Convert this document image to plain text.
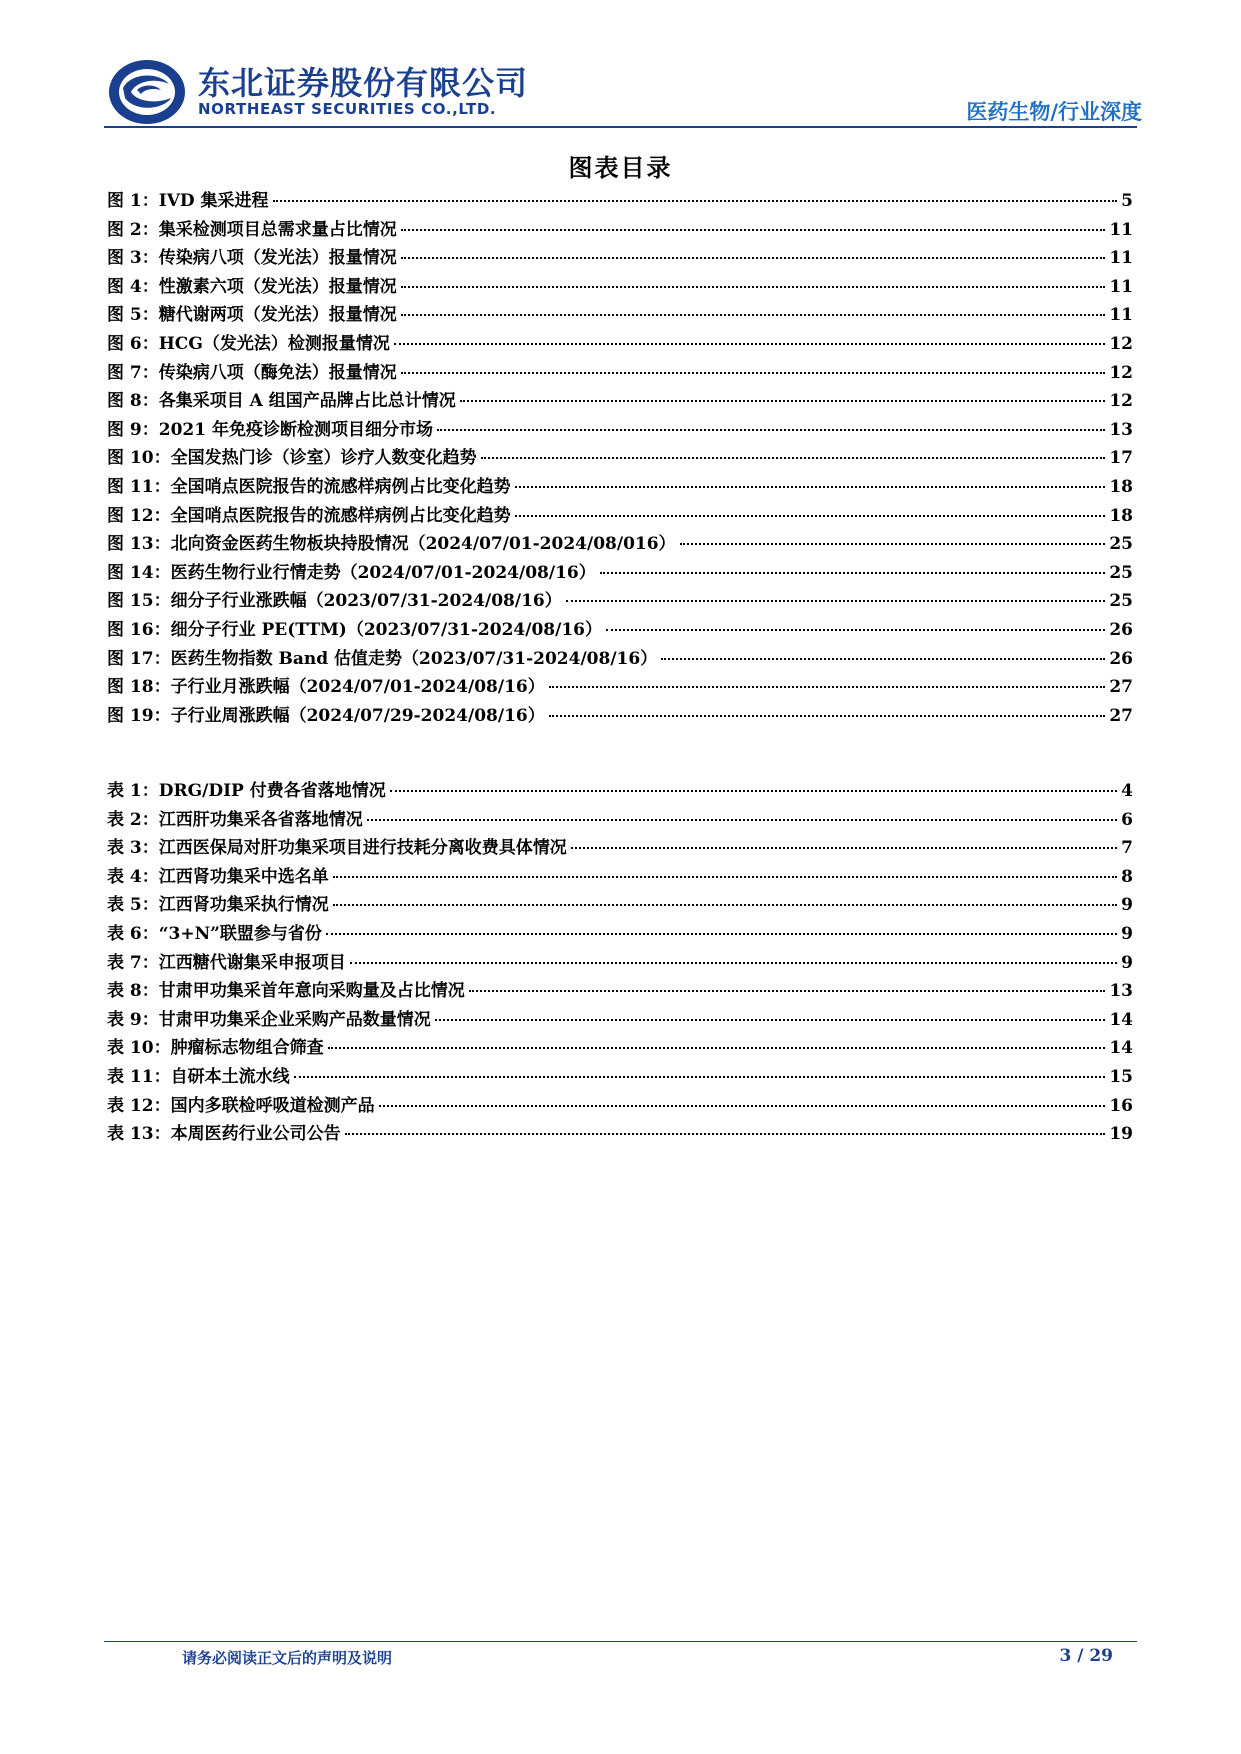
东北证券股份有限公司
NORTHEAST SECURITIES CO.,LTD.	医药生物/行业深度
图表目录
图 1：IVD 集采进程	5
图 2：集采检测项目总需求量占比情况	11
图 3：传染病八项（发光法）报量情况	11
图 4：性激素六项（发光法）报量情况	11
图 5：糖代谢两项（发光法）报量情况	11
图 6：HCG（发光法）检测报量情况	12
图 7：传染病八项（酶免法）报量情况	12
图 8：各集采项目 A 组国产品牌占比总计情况	12
图 9：2021 年免疫诊断检测项目细分市场	13
图 10：全国发热门诊（诊室）诊疗人数变化趋势	17
图 11：全国哨点医院报告的流感样病例占比变化趋势	18
图 12：全国哨点医院报告的流感样病例占比变化趋势	18
图 13：北向资金医药生物板块持股情况（2024/07/01-2024/08/016）	25
图 14：医药生物行业行情走势（2024/07/01-2024/08/16）	25
图 15：细分子行业涨跌幅（2023/07/31-2024/08/16）	25
图 16：细分子行业 PE(TTM)（2023/07/31-2024/08/16）	26
图 17：医药生物指数 Band 估值走势（2023/07/31-2024/08/16）	26
图 18：子行业月涨跌幅（2024/07/01-2024/08/16）	27
图 19：子行业周涨跌幅（2024/07/29-2024/08/16）	27
表 1：DRG/DIP 付费各省落地情况	4
表 2：江西肝功集采各省落地情况	6
表 3：江西医保局对肝功集采项目进行技耗分离收费具体情况	7
表 4：江西肾功集采中选名单	8
表 5：江西肾功集采执行情况	9
表 6：“3+N”联盟参与省份	9
表 7：江西糖代谢集采申报项目	9
表 8：甘肃甲功集采首年意向采购量及占比情况	13
表 9：甘肃甲功集采企业采购产品数量情况	14
表 10：肿瘤标志物组合筛查	14
表 11：自研本土流水线	15
表 12：国内多联检呼吸道检测产品	16
表 13：本周医药行业公司公告	19
请务必阅读正文后的声明及说明	3 / 29
